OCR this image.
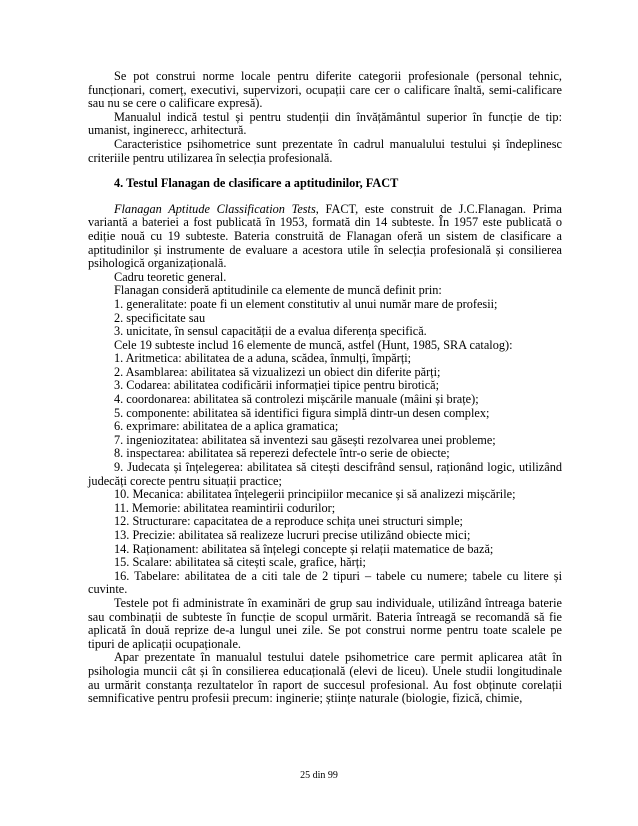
Se pot construi norme locale pentru diferite categorii profesionale (personal tehnic, funcționari, comerț, executivi, supervizori, ocupații care cer o calificare înaltă, semi-calificare sau nu se cere o calificare expresă).

Manualul indică testul și pentru studenții din învățământul superior în funcție de tip: umanist, inginerесс, arhitectură.

Caracteristice psihometrice sunt prezentate în cadrul manualului testului și îndeplinesc criteriile pentru utilizarea în selecția profesională.

4. Testul Flanagan de clasificare a aptitudinilor, FACT

Flanagan Aptitude Classification Tests, FACT, este construit de J.C.Flanagan. Prima variantă a bateriei a fost publicată în 1953, formată din 14 subteste. În 1957 este publicată o ediție nouă cu 19 subteste. Bateria construită de Flanagan oferă un sistem de clasificare a aptitudinilor și instrumente de evaluare a acestora utile în selecția profesională și consilierea psihologică organizațională.

Cadru teoretic general.

Flanagan consideră aptitudinile ca elemente de muncă definit prin:

1. generalitate: poate fi un element constitutiv al unui număr mare de profesii;

2. specificitate sau

3. unicitate, în sensul capacității de a evalua diferența specifică.

Cele 19 subteste includ 16 elemente de muncă, astfel (Hunt, 1985, SRA catalog):

1. Aritmetica: abilitatea de a aduna, scădea, înmulți, împărți;

2. Asamblarea: abilitatea să vizualizezi un obiect din diferite părți;

3. Codarea: abilitatea codificării informației tipice pentru birotică;

4. coordonarea: abilitatea să controlezi mișcările manuale (mâini și brațe);

5. componente: abilitatea să identifici figura simplă dintr-un desen complex;

6. exprimare: abilitatea de a aplica gramatica;

7. ingeniozitatea: abilitatea să inventezi sau găsești rezolvarea unei probleme;

8. inspectarea: abilitatea să reperezi defectele într-o serie de obiecte;

9. Judecata și înțelegerea: abilitatea să citești descifrând sensul, raționând logic, utilizând judecăți corecte pentru situații practice;

10. Mecanica: abilitatea înțelegerii principiilor mecanice și să analizezi mișcările;

11. Memorie: abilitatea reamintirii codurilor;

12. Structurare: capacitatea de a reproduce schița unei structuri simple;

13. Precizie: abilitatea să realizeze lucruri precise utilizând obiecte mici;

14. Raționament: abilitatea să înțelegi concepte și relații matematice de bază;

15. Scalare: abilitatea să citești scale, grafice, hărți;

16. Tabelare: abilitatea de a citi tale de 2 tipuri – tabele cu numere; tabele cu litere și cuvinte.

Testele pot fi administrate în examinări de grup sau individuale, utilizând întreaga baterie sau combinații de subteste în funcție de scopul urmărit. Bateria întreagă se recomandă să fie aplicată în două reprize de-a lungul unei zile. Se pot construi norme pentru toate scalele pe tipuri de aplicații ocupaționale.

Apar prezentate în manualul testului datele psihometrice care permit aplicarea atât în psihologia muncii cât și în consilierea educațională (elevi de liceu). Unele studii longitudinale au urmărit constanța rezultatelor în raport de succesul profesional. Au fost obținute corelații semnificative pentru profesii precum: inginerie; științe naturale (biologie, fizică, chimie,

25 din 99
